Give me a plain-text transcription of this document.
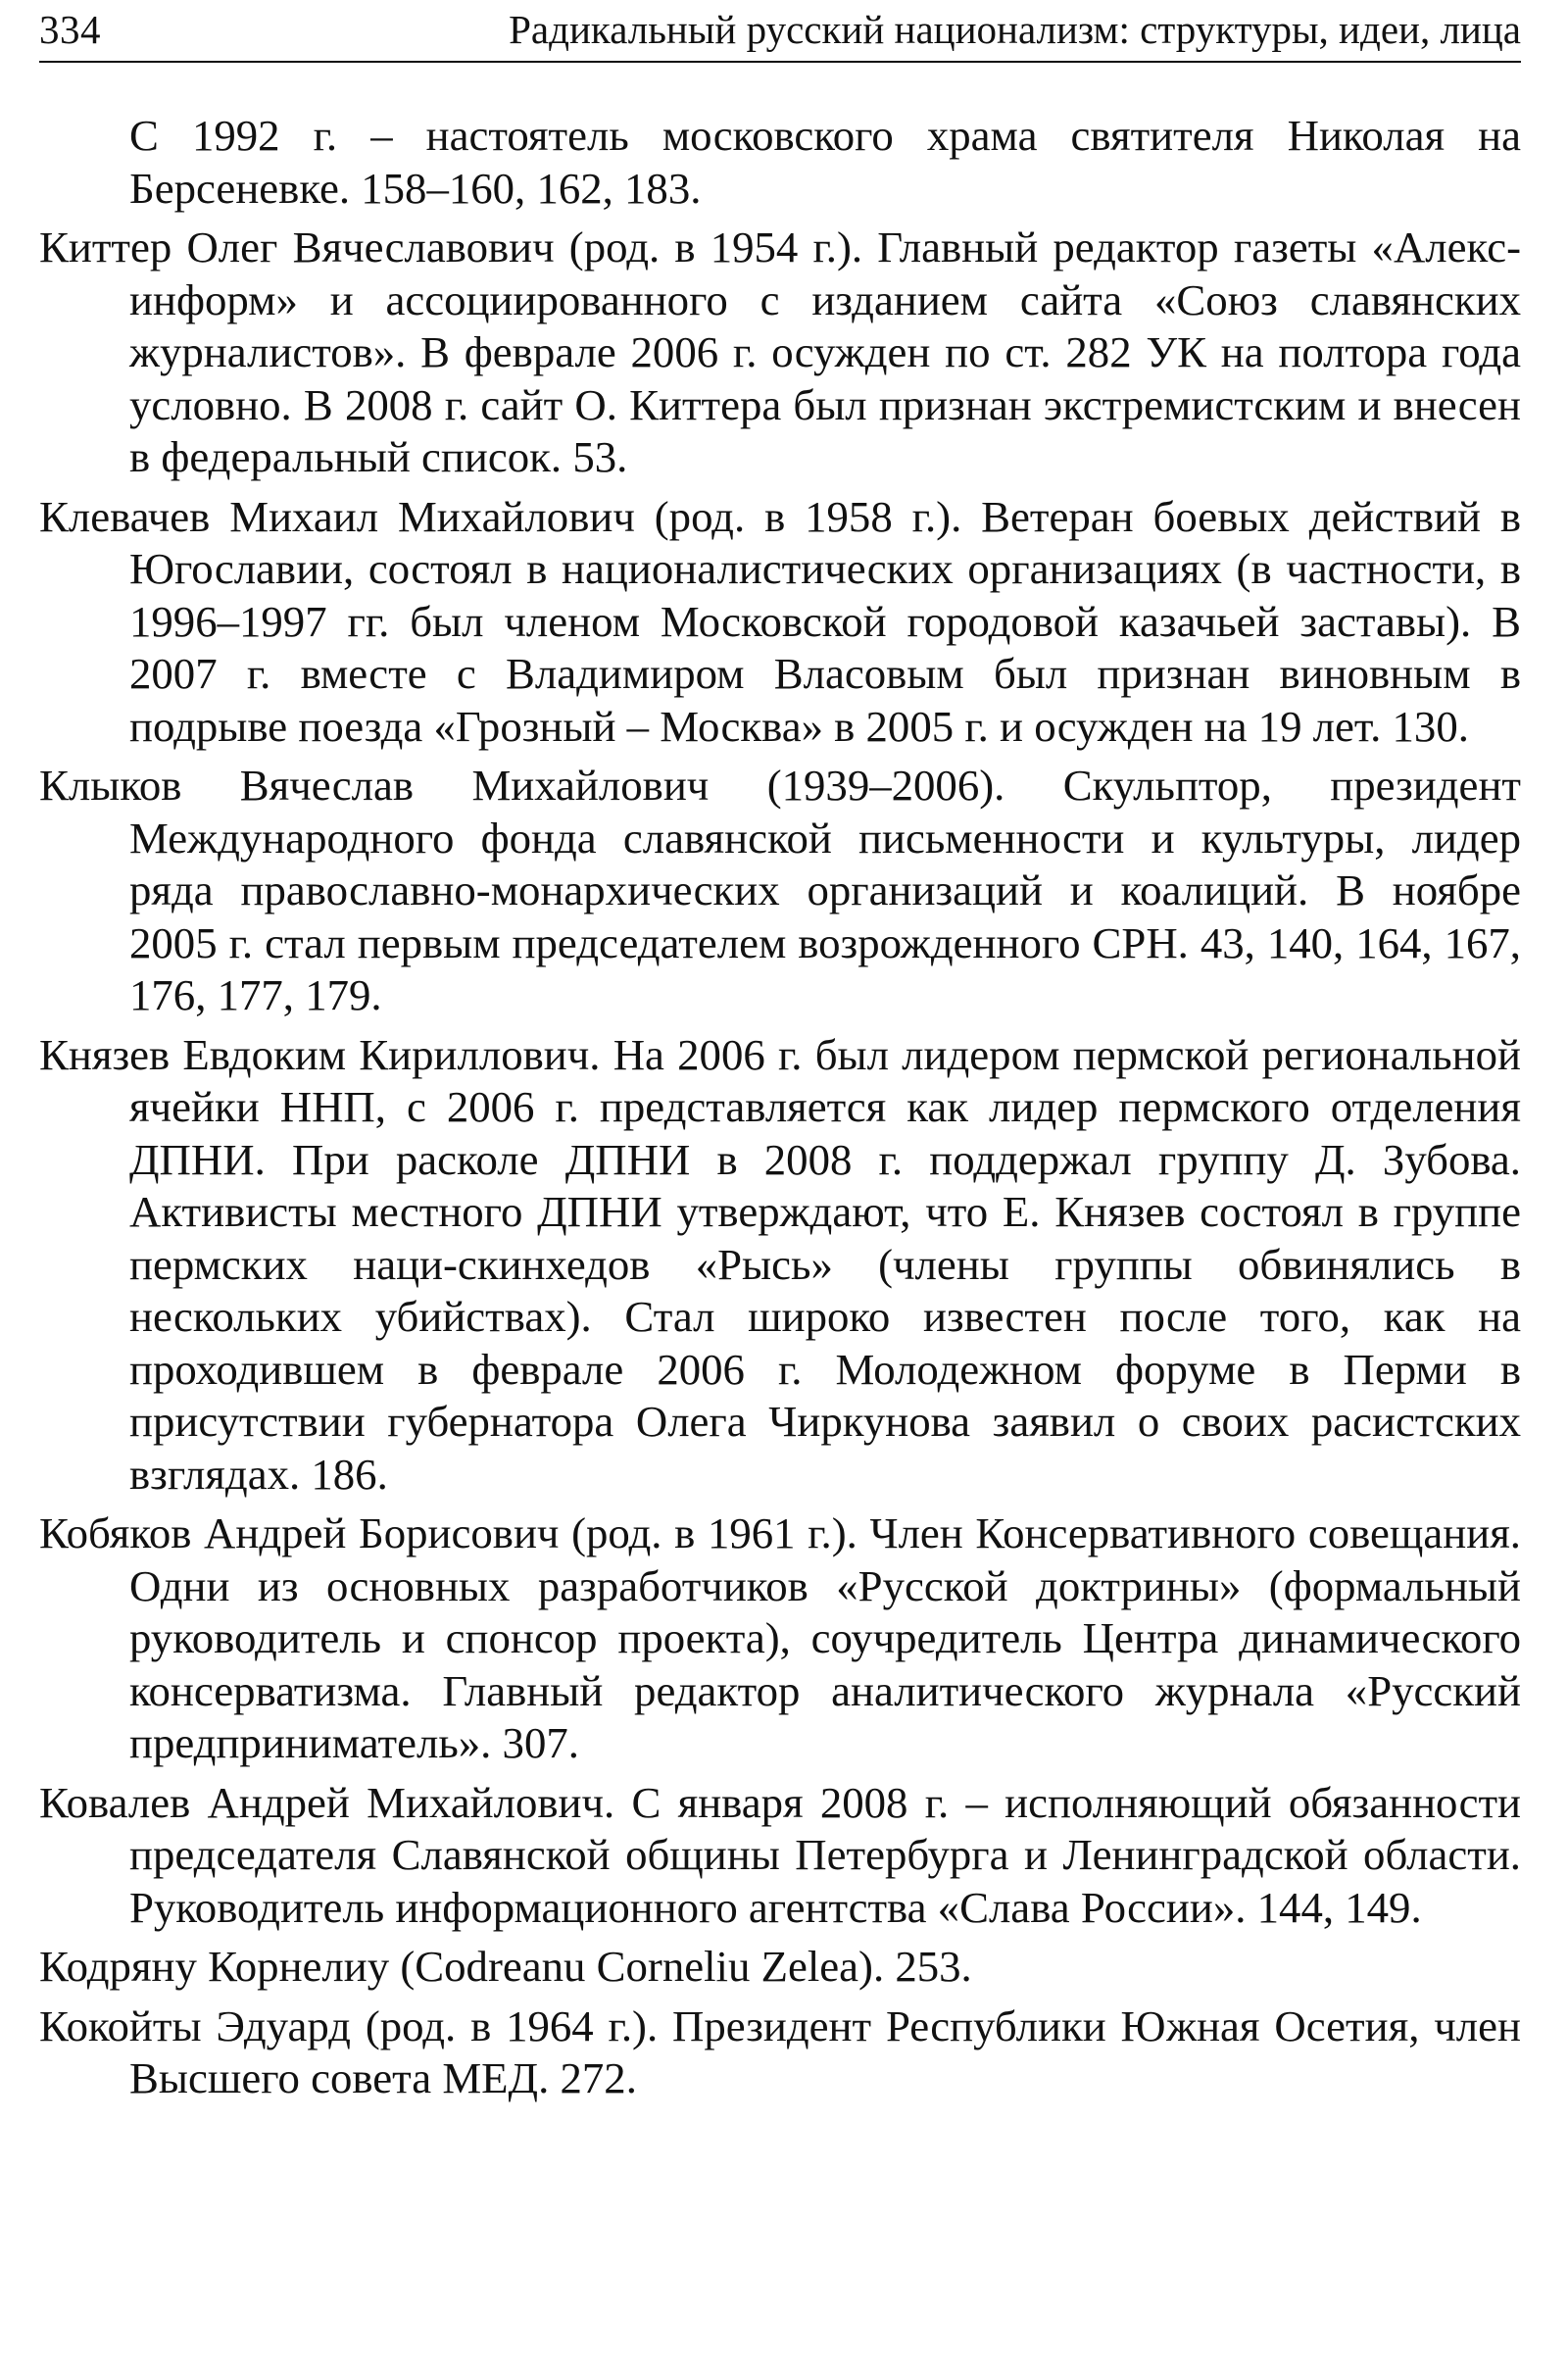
334	Радикальный русский национализм: структуры, идеи, лица

С 1992 г. – настоятель московского храма святителя Николая на Берсеневке. 158–160, 162, 183.

Киттер Олег Вячеславович (род. в 1954 г.). Главный редактор газеты «Алекс-информ» и ассоциированного с изданием сайта «Союз славянских журналистов». В феврале 2006 г. осужден по ст. 282 УК на полтора года условно. В 2008 г. сайт О. Киттера был признан экстремистским и внесен в федеральный список. 53.

Клевачев Михаил Михайлович (род. в 1958 г.). Ветеран боевых действий в Югославии, состоял в националистических организациях (в частности, в 1996–1997 гг. был членом Московской городовой казачьей заставы). В 2007 г. вместе с Владимиром Власовым был признан виновным в подрыве поезда «Грозный – Москва» в 2005 г. и осужден на 19 лет. 130.

Клыков Вячеслав Михайлович (1939–2006). Скульптор, президент Международного фонда славянской письменности и культуры, лидер ряда православно-монархических организаций и коалиций. В ноябре 2005 г. стал первым председателем возрожденного СРН. 43, 140, 164, 167, 176, 177, 179.

Князев Евдоким Кириллович. На 2006 г. был лидером пермской региональной ячейки ННП, с 2006 г. представляется как лидер пермского отделения ДПНИ. При расколе ДПНИ в 2008 г. поддержал группу Д. Зубова. Активисты местного ДПНИ утверждают, что Е. Князев состоял в группе пермских наци-скинхедов «Рысь» (члены группы обвинялись в нескольких убийствах). Стал широко известен после того, как на проходившем в феврале 2006 г. Молодежном форуме в Перми в присутствии губернатора Олега Чиркунова заявил о своих расистских взглядах. 186.

Кобяков Андрей Борисович (род. в 1961 г.). Член Консервативного совещания. Одни из основных разработчиков «Русской доктрины» (формальный руководитель и спонсор проекта), соучредитель Центра динамического консерватизма. Главный редактор аналитического журнала «Русский предприниматель». 307.

Ковалев Андрей Михайлович. С января 2008 г. – исполняющий обязанности председателя Славянской общины Петербурга и Ленинградской области. Руководитель информационного агентства «Слава России». 144, 149.

Кодряну Корнелиу (Codreanu Corneliu Zelea). 253.

Кокойты Эдуард (род. в 1964 г.). Президент Республики Южная Осетия, член Высшего совета МЕД. 272.
